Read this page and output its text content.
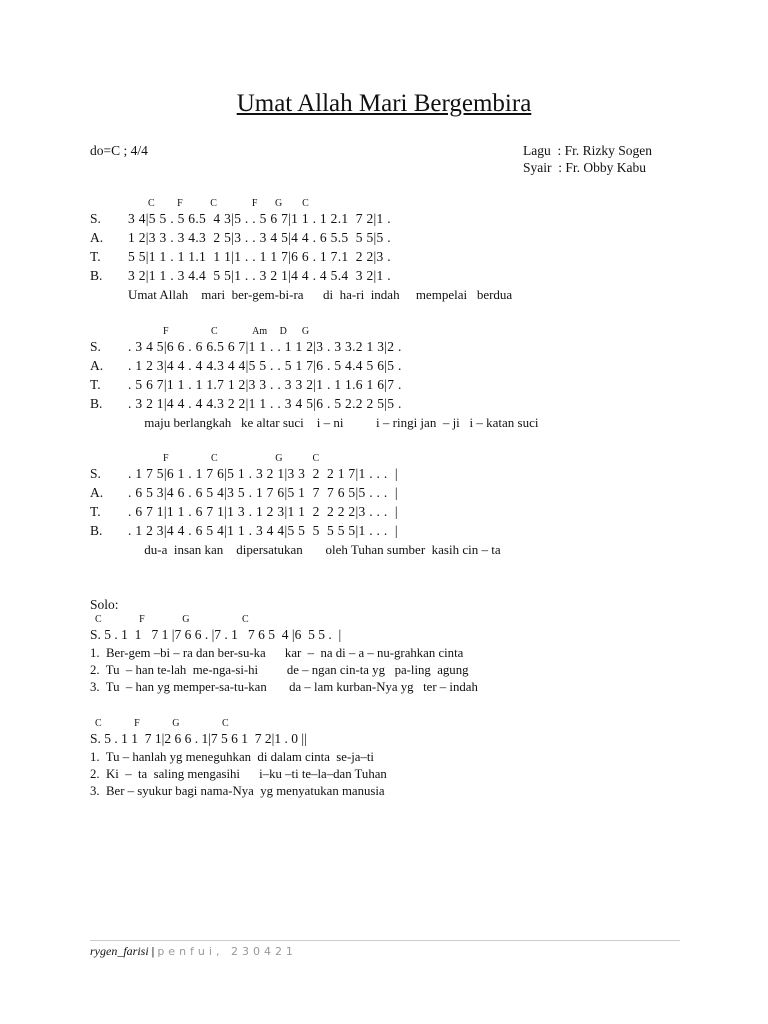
Umat Allah Mari Bergembira
do=C ; 4/4	Lagu  : Fr. Rizky Sogen
Syair  : Fr. Obby Kabu
C         F           C              F       G        C
S. 3 4|5 5 . 5 6.5  4 3|5 . . 5 6 7|1 1 . 1 2.1  7 2|1 .
A. 1 2|3 3 . 3 4.3  2 5|3 . . 3 4 5|4 4 . 6 5.5  5 5|5 .
T. 5 5|1 1 . 1 1.1  1 1|1 . . 1 1 7|6 6 . 1 7.1  2 2|3 .
B. 3 2|1 1 . 3 4.4  5 5|1 . . 3 2 1|4 4 . 4 5.4  3 2|1 .
Umat Allah    mari  ber-gem-bi-ra      di  ha-ri  indah     mempelai   berdua
F                 C              Am     D      G
S. . 3 4 5|6 6 . 6 6.5 6 7|1 1 . . 1 1 2|3 . 3 3.2 1 3|2 .
A. . 1 2 3|4 4 . 4 4.3 4 4|5 5 . . 5 1 7|6 . 5 4.4 5 6|5 .
T. . 5 6 7|1 1 . 1 1.7 1 2|3 3 . . 3 3 2|1 . 1 1.6 1 6|7 .
B. . 3 2 1|4 4 . 4 4.3 2 2|1 1 . . 3 4 5|6 . 5 2.2 2 5|5 .
maju berlangkah   ke altar suci    i – ni          i – ringi jan  – ji   i – katan suci
F                 C                       G            C
S. . 1 7 5|6 1 . 1 7 6|5 1 . 3 2 1|3 3  2  2 1 7|1 . . .  |
A. . 6 5 3|4 6 . 6 5 4|3 5 . 1 7 6|5 1  7  7 6 5|5 . . .  |
T. . 6 7 1|1 1 . 6 7 1|1 3 . 1 2 3|1 1  2  2 2 2|3 . . .  |
B. . 1 2 3|4 4 . 6 5 4|1 1 . 3 4 4|5 5  5  5 5 5|1 . . .  |
du-a  insan kan    dipersatukan       oleh Tuhan sumber  kasih cin – ta
Solo:
C               F               G                     C
S. 5 . 1  1   7 1 |7 6 6 . |7 . 1   7 6 5  4 |6  5 5 .  |
1.  Ber-gem –bi – ra dan ber-su-ka      kar  –  na di – a – nu-grahkan cinta
2.  Tu  – han te-lah  me-nga-si-hi         de – ngan cin-ta yg   pa-ling  agung
3.  Tu  – han yg memper-sa-tu-kan       da – lam kurban-Nya yg   ter – indah
C             F             G                 C
S. 5 . 1 1  7 1|2 6 6 . 1|7 5 6 1  7 2|1 . 0 ||
1.  Tu – hanlah yg meneguhkan  di dalam cinta  se-ja–ti
2.  Ki  –  ta  saling mengasihi      i–ku –ti te–la–dan Tuhan
3.  Ber – syukur bagi nama-Nya  yg menyatukan manusia
rygen_farisi | penfui, 230421
